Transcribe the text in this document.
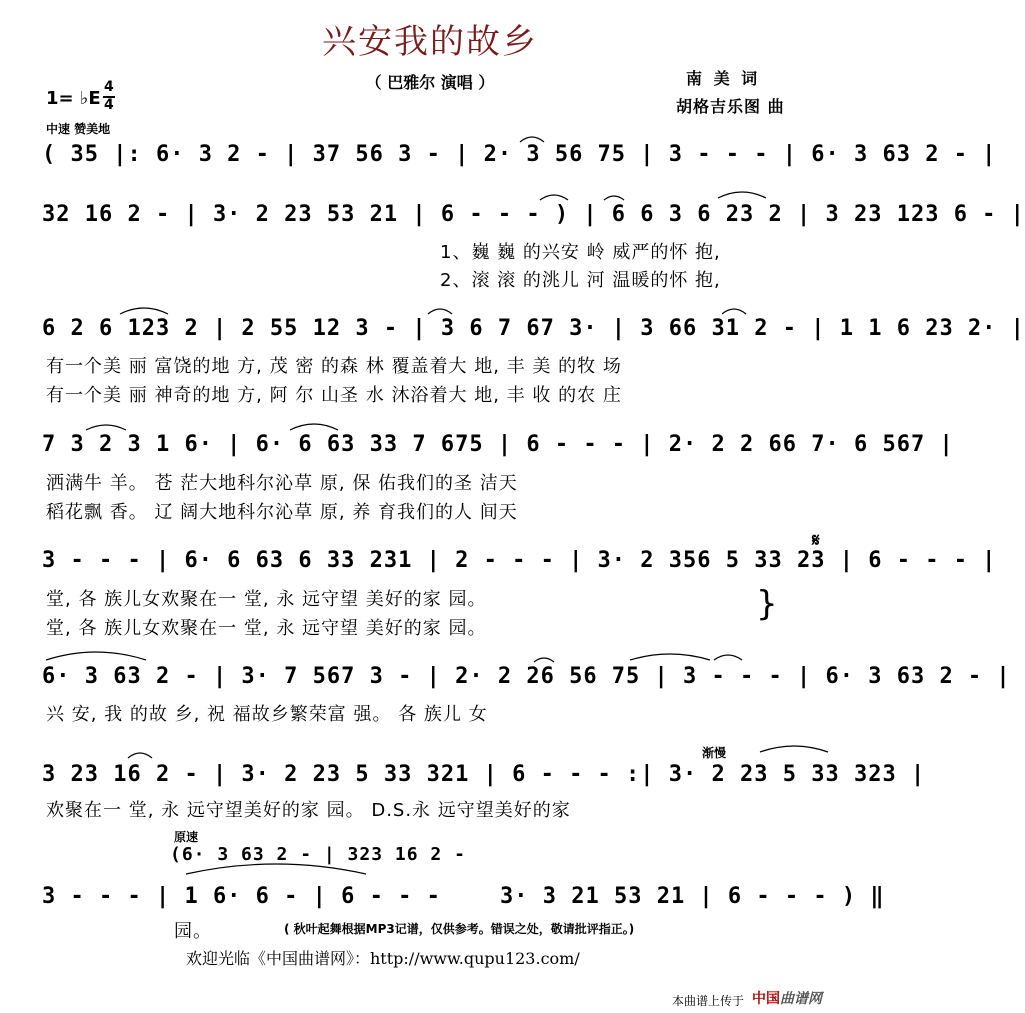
兴安我的故乡
（ 巴雅尔 演唱 ）	南 美 词
胡格吉乐图 曲
1= ♭E
4
4
中速 赞美地
( 35 |: 6· 3 2 - | 37 56 3 - | 2· 3 56 75 | 3 - - - | 6· 3 63 2 - |
32 16 2 - | 3· 2 23 53 21 | 6 - - - ) | 6 6 3 6 23 2 | 3 23 123 6 - |
1、巍 巍 的兴安 岭 威严的怀 抱,
2、滚 滚 的洮儿 河 温暖的怀 抱,
6 2 6 123 2 | 2 55 12 3 - | 3 6 7 67 3· | 3 66 31 2 - | 1 1 6 23 2· |
有一个美 丽 富饶的地 方, 茂 密 的森 林 覆盖着大 地, 丰 美 的牧 场
有一个美 丽 神奇的地 方, 阿 尔 山圣 水 沐浴着大 地, 丰 收 的农 庄
7 3 2 3 1 6· | 6· 6 63 33 7 675 | 6 - - - | 2· 2 2 66 7· 6 567 |
洒满牛 羊。 苍 茫大地科尔沁草 原, 保 佑我们的圣 洁天
稻花飘 香。 辽 阔大地科尔沁草 原, 养 育我们的人 间天
𝄋
3 - - - | 6· 6 63 6 33 231 | 2 - - - | 3· 2 356 5 33 23 | 6 - - - |
堂, 各 族儿女欢聚在一 堂, 永 远守望 美好的家 园。
堂, 各 族儿女欢聚在一 堂, 永 远守望 美好的家 园。
}
6· 3 63 2 - | 3· 7 567 3 - | 2· 2 26 56 75 | 3 - - - | 6· 3 63 2 - |
兴 安, 我 的故 乡, 祝 福故乡繁荣富 强。 各 族儿 女
渐慢
3 23 16 2 - | 3· 2 23 5 33 321 | 6 - - - :| 3· 2 23 5 33 323 |
欢聚在一 堂, 永 远守望美好的家 园。 D.S.永 远守望美好的家
原速
(6· 3 63 2 - | 323 16 2 -
3 - - - | 1 6· 6 - | 6 - - -	3· 3 21 53 21 | 6 - - - ) ‖
园。	( 秋叶起舞根据MP3记谱，仅供参考。错误之处，敬请批评指正。)
欢迎光临《中国曲谱网》：http://www.qupu123.com/
本曲谱上传于 中国曲谱网
